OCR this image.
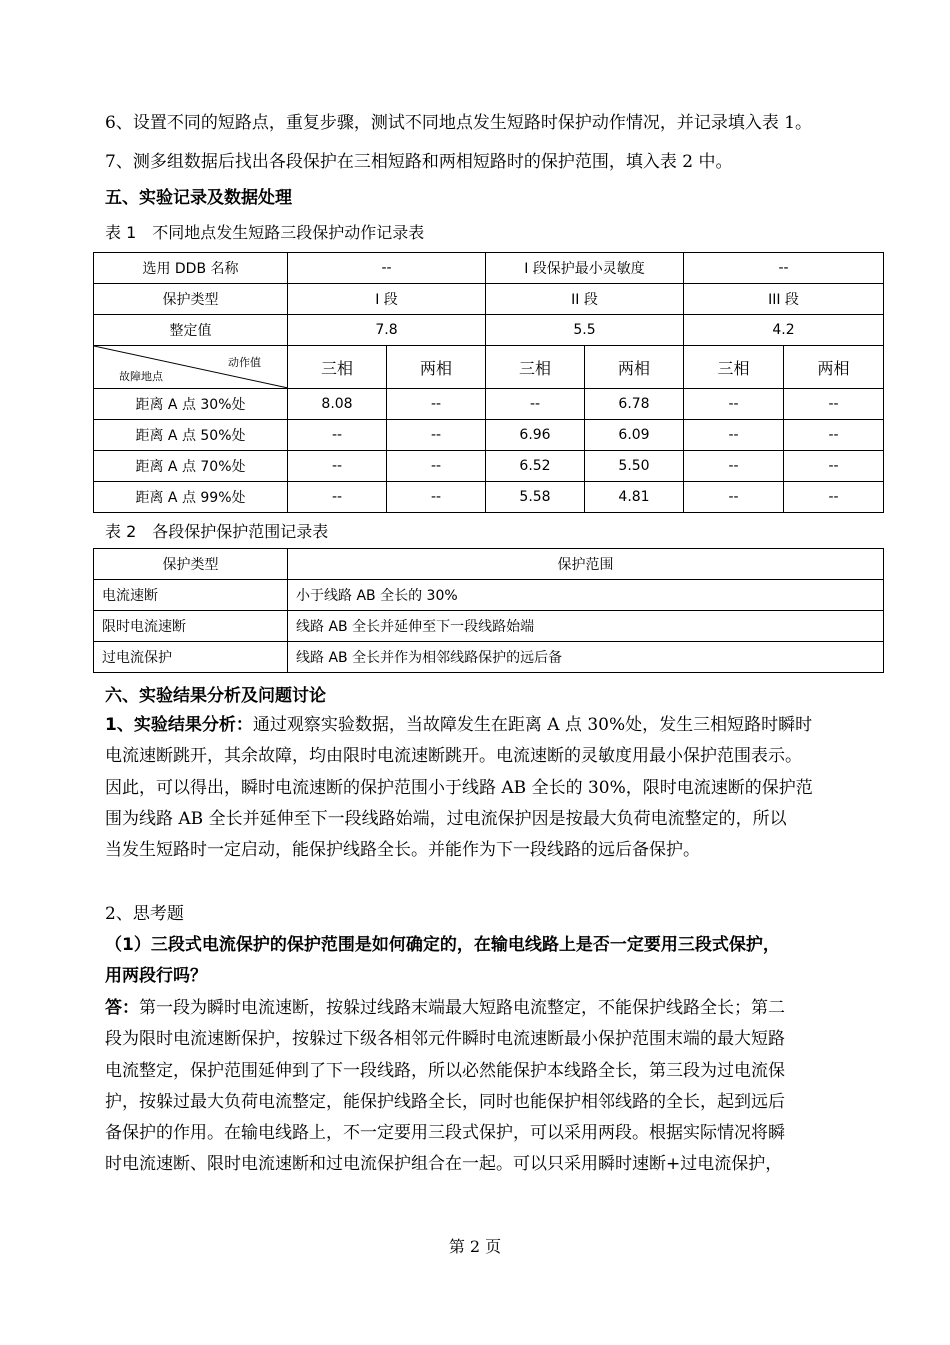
6、设置不同的短路点，重复步骤，测试不同地点发生短路时保护动作情况，并记录填入表 1。
7、测多组数据后找出各段保护在三相短路和两相短路时的保护范围，填入表 2 中。
五、实验记录及数据处理
表 1　不同地点发生短路三段保护动作记录表
选用 DDB 名称	--		I 段保护最小灵敏度		--	
保护类型	I 段		II 段		III 段	
整定值	7.8		5.5		4.2	

动作值
故障地点	三相	两相	三相	两相	三相	两相
距离 A 点 30%处	8.08	--	--	6.78	--	--
距离 A 点 50%处	--	--	6.96	6.09	--	--
距离 A 点 70%处	--	--	6.52	5.50	--	--
距离 A 点 99%处	--	--	5.58	4.81	--	--
表 2　各段保护保护范围记录表
保护类型	保护范围
电流速断	小于线路 AB 全长的 30%
限时电流速断	线路 AB 全长并延伸至下一段线路始端
过电流保护	线路 AB 全长并作为相邻线路保护的远后备
六、实验结果分析及问题讨论

1、实验结果分析：通过观察实验数据，当故障发生在距离 A 点 30%处，发生三相短路时瞬时

电流速断跳开，其余故障，均由限时电流速断跳开。电流速断的灵敏度用最小保护范围表示。

因此，可以得出，瞬时电流速断的保护范围小于线路 AB 全长的 30%，限时电流速断的保护范

围为线路 AB 全长并延伸至下一段线路始端，过电流保护因是按最大负荷电流整定的，所以

当发生短路时一定启动，能保护线路全长。并能作为下一段线路的远后备保护。

2、思考题

（1）三段式电流保护的保护范围是如何确定的，在输电线路上是否一定要用三段式保护，

用两段行吗？

答：第一段为瞬时电流速断，按躲过线路末端最大短路电流整定，不能保护线路全长；第二

段为限时电流速断保护，按躲过下级各相邻元件瞬时电流速断最小保护范围末端的最大短路

电流整定，保护范围延伸到了下一段线路，所以必然能保护本线路全长，第三段为过电流保

护，按躲过最大负荷电流整定，能保护线路全长，同时也能保护相邻线路的全长，起到远后

备保护的作用。在输电线路上，不一定要用三段式保护，可以采用两段。根据实际情况将瞬

时电流速断、限时电流速断和过电流保护组合在一起。可以只采用瞬时速断+过电流保护，

第 2 页
